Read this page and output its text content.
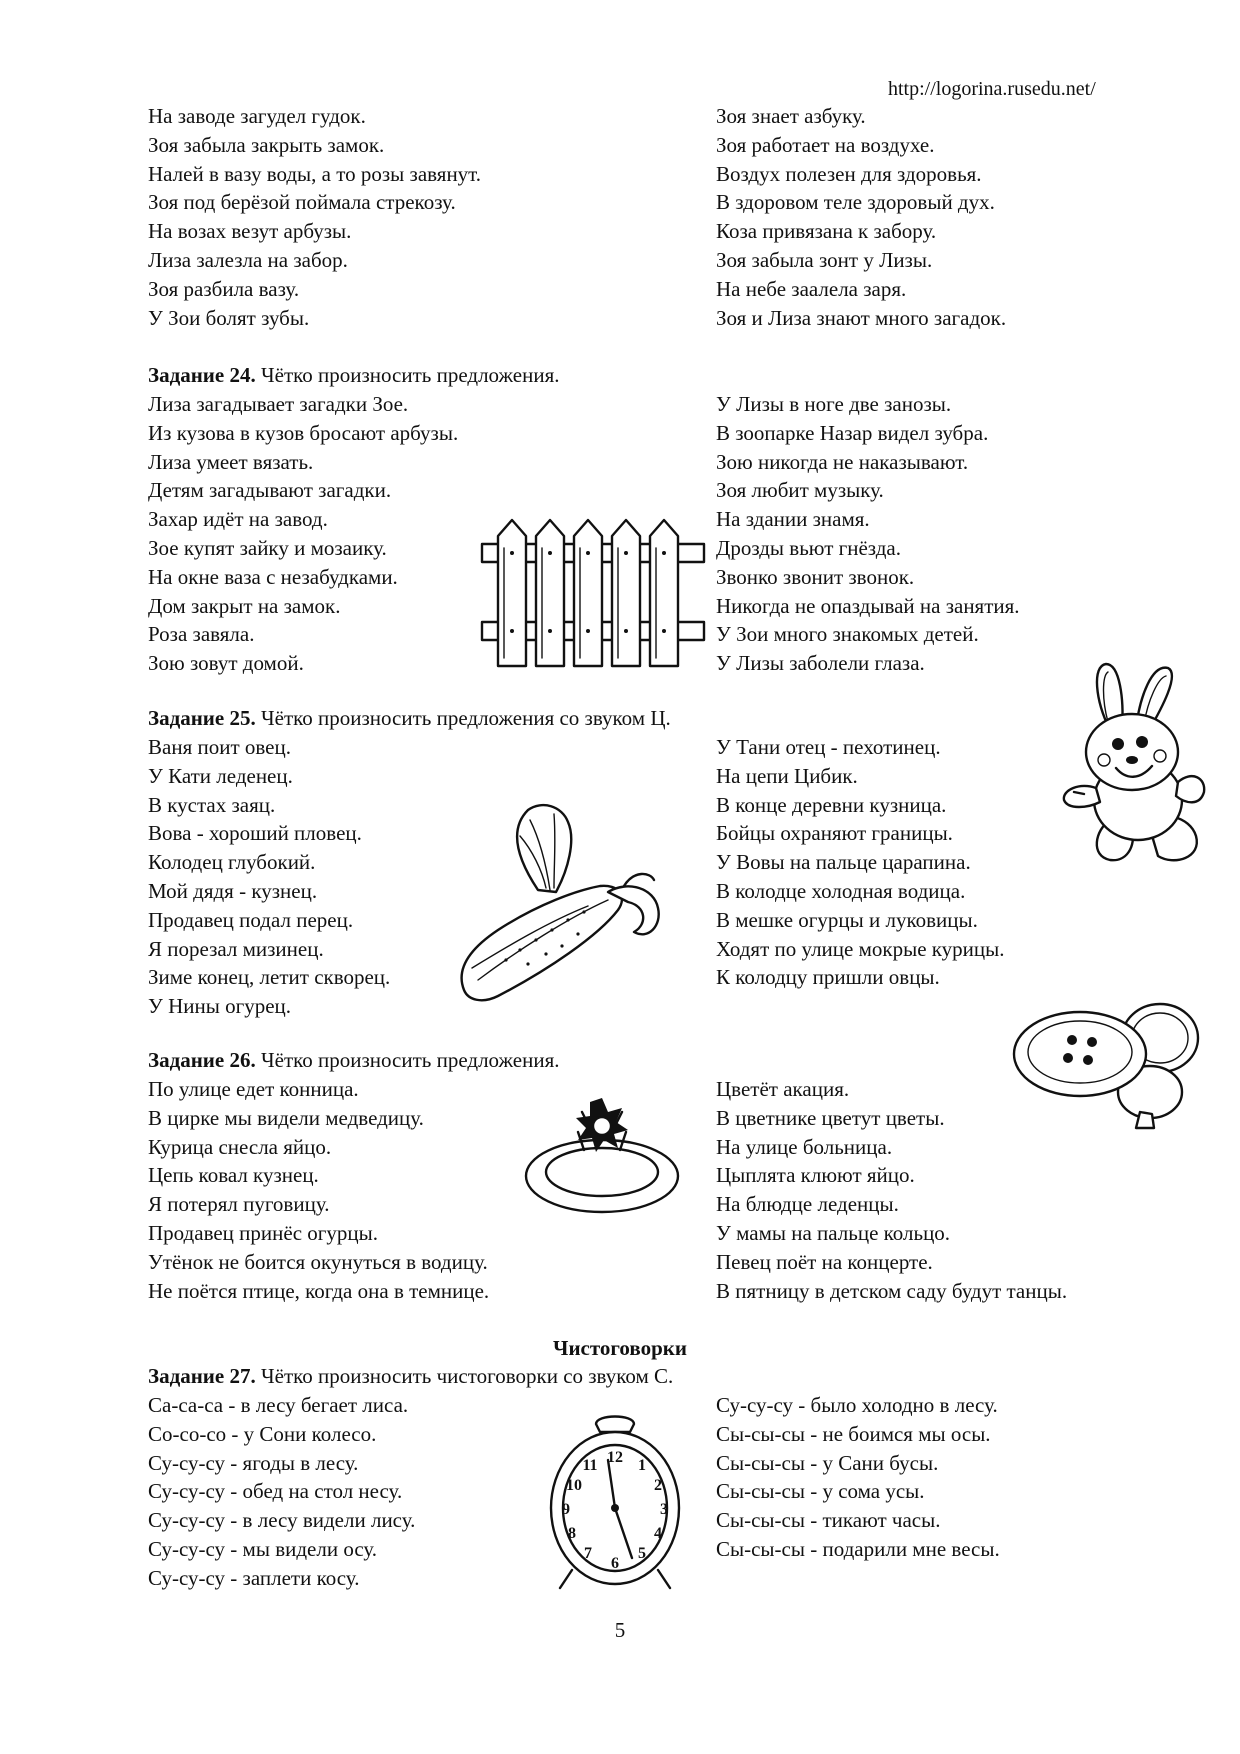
http://logorina.rusedu.net/
На заводе загудел гудок.
Зоя забыла закрыть замок.
Налей в вазу воды, а то розы завянут.
Зоя под берёзой поймала стрекозу.
На возах везут арбузы.
Лиза залезла на забор.
Зоя разбила вазу.
У Зои болят зубы.
Зоя знает азбуку.
Зоя работает на воздухе.
Воздух полезен для здоровья.
В здоровом теле здоровый дух.
Коза привязана к забору.
Зоя забыла зонт у Лизы.
На небе заалела заря.
Зоя и Лиза знают много загадок.
Задание 24. Чётко произносить предложения.
Лиза загадывает загадки Зое.
Из кузова в кузов бросают арбузы.
Лиза умеет вязать.
Детям загадывают загадки.
Захар идёт на завод.
Зое купят зайку и мозаику.
На окне ваза с незабудками.
Дом закрыт на замок.
Роза завяла.
Зою зовут домой.
У Лизы в ноге две занозы.
В зоопарке Назар видел зубра.
Зою никогда не наказывают.
Зоя любит музыку.
На здании знамя.
Дрозды вьют гнёзда.
Звонко звонит звонок.
Никогда не опаздывай на занятия.
У Зои много знакомых детей.
У Лизы заболели глаза.
Задание 25. Чётко произносить предложения со звуком Ц.
Ваня поит овец.
У Кати леденец.
В кустах заяц.
Вова - хороший пловец.
Колодец глубокий.
Мой дядя - кузнец.
Продавец подал перец.
Я порезал мизинец.
Зиме конец, летит скворец.
У Нины огурец.
У Тани отец - пехотинец.
На цепи Цибик.
В конце деревни кузница.
Бойцы охраняют границы.
У Вовы на пальце царапина.
В колодце холодная водица.
В мешке огурцы и луковицы.
Ходят по улице мокрые курицы.
К колодцу пришли овцы.
Задание 26. Чётко произносить предложения.
По улице едет конница.
В цирке мы видели медведицу.
Курица снесла яйцо.
Цепь ковал кузнец.
Я потерял пуговицу.
Продавец принёс огурцы.
Утёнок не боится окунуться в водицу.
Не поётся птице, когда она в темнице.
Цветёт акация.
В цветнике цветут цветы.
На улице больница.
Цыплята клюют яйцо.
На блюдце леденцы.
У мамы на пальце кольцо.
Певец поёт на концерте.
В пятницу в детском саду будут танцы.
Чистоговорки
Задание 27. Чётко произносить чистоговорки со звуком С.
Са-са-са - в лесу бегает лиса.
Со-со-со - у Сони колесо.
Су-су-су - ягоды в лесу.
Су-су-су - обед на стол несу.
Су-су-су - в лесу видели лису.
Су-су-су - мы видели осу.
Су-су-су - заплети косу.
Су-су-су - было холодно в лесу.
Сы-сы-сы - не боимся мы осы.
Сы-сы-сы - у Сани бусы.
Сы-сы-сы - у сома усы.
Сы-сы-сы - тикают часы.
Сы-сы-сы - подарили мне весы.
5
12 1
2
3
4
5
6
7
8
9
10
11
